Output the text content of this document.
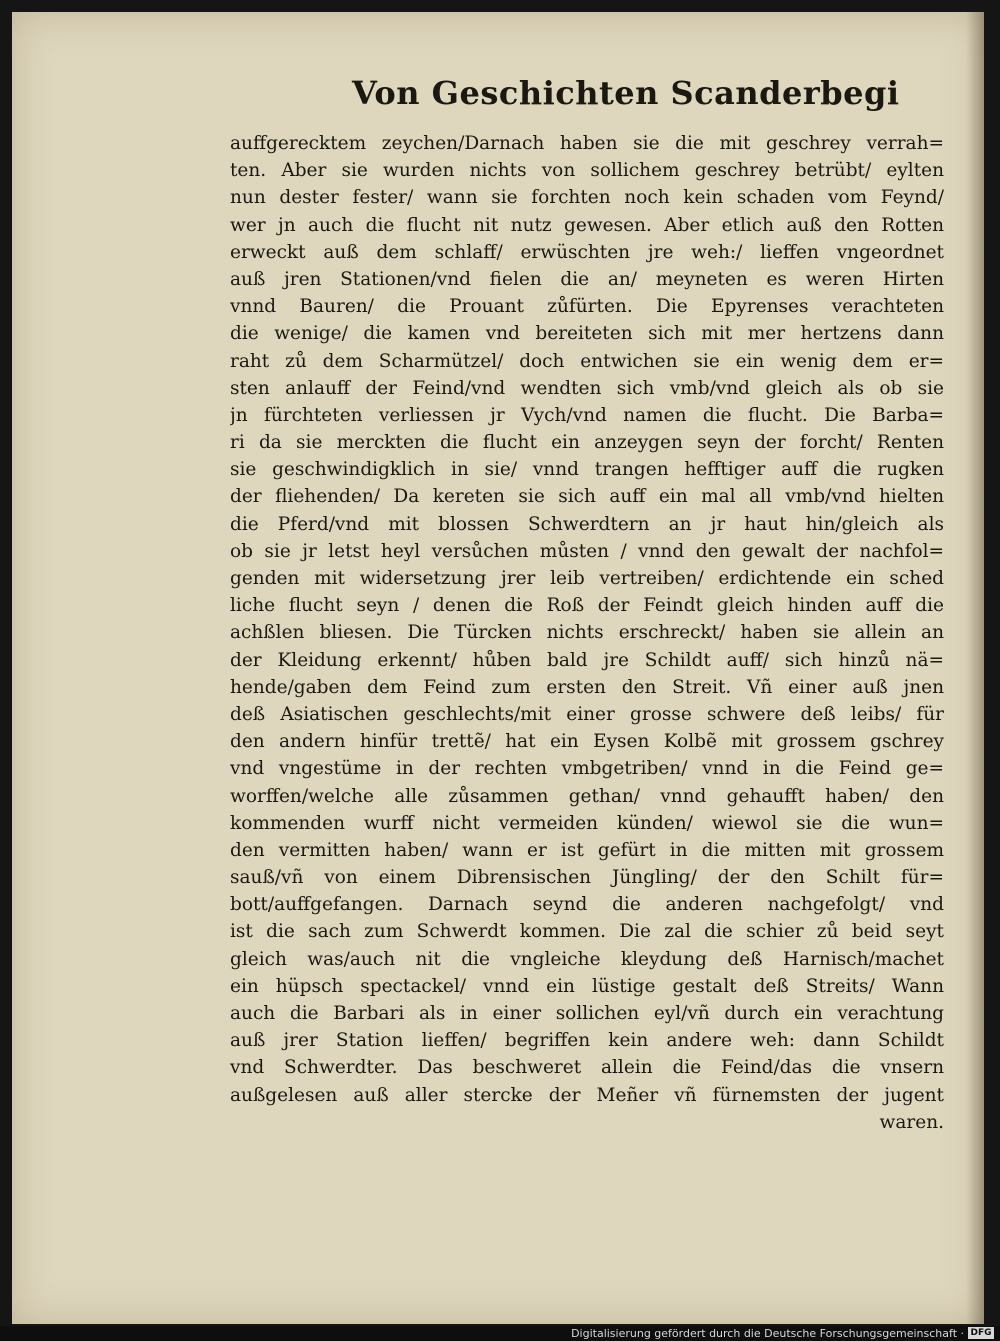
Von Geschichten Scanderbegi
auffgerecktem zeychen/Darnach haben sie die mit geschrey verrah=
ten. Aber sie wurden nichts von sollichem geschrey betrübt/ eylten
nun dester fester/ wann sie forchten noch kein schaden vom Feynd/
wer jn auch die flucht nit nutz gewesen. Aber etlich auß den Rotten
erweckt auß dem schlaff/ erwüschten jre weh:/ lieffen vngeordnet
auß jren Stationen/vnd fielen die an/ meyneten es weren Hirten
vnnd Bauren/ die Prouant zůfürten. Die Epyrenses verachteten
die wenige/ die kamen vnd bereiteten sich mit mer hertzens dann
raht zů dem Scharmützel/ doch entwichen sie ein wenig dem er=
sten anlauff der Feind/vnd wendten sich vmb/vnd gleich als ob sie
jn fürchteten verliessen jr Vych/vnd namen die flucht. Die Barba=
ri da sie merckten die flucht ein anzeygen seyn der forcht/ Renten
sie geschwindigklich in sie/ vnnd trangen hefftiger auff die rugken
der fliehenden/ Da kereten sie sich auff ein mal all vmb/vnd hielten
die Pferd/vnd mit blossen Schwerdtern an jr haut hin/gleich als
ob sie jr letst heyl versůchen můsten / vnnd den gewalt der nachfol=
genden mit widersetzung jrer leib vertreiben/ erdichtende ein sched
liche flucht seyn / denen die Roß der Feindt gleich hinden auff die
achßlen bliesen. Die Türcken nichts erschreckt/ haben sie allein an
der Kleidung erkennt/ hůben bald jre Schildt auff/ sich hinzů nä=
hende/gaben dem Feind zum ersten den Streit. Vñ einer auß jnen
deß Asiatischen geschlechts/mit einer grosse schwere deß leibs/ für
den andern hinfür trettẽ/ hat ein Eysen Kolbẽ mit grossem gschrey
vnd vngestüme in der rechten vmbgetriben/ vnnd in die Feind ge=
worffen/welche alle zůsammen gethan/ vnnd gehaufft haben/ den
kommenden wurff nicht vermeiden künden/ wiewol sie die wun=
den vermitten haben/ wann er ist gefürt in die mitten mit grossem
sauß/vñ von einem Dibrensischen Jüngling/ der den Schilt für=
bott/auffgefangen. Darnach seynd die anderen nachgefolgt/ vnd
ist die sach zum Schwerdt kommen. Die zal die schier zů beid seyt
gleich was/auch nit die vngleiche kleydung deß Harnisch/machet
ein hüpsch spectackel/ vnnd ein lüstige gestalt deß Streits/ Wann
auch die Barbari als in einer sollichen eyl/vñ durch ein verachtung
auß jrer Station lieffen/ begriffen kein andere weh: dann Schildt
vnd Schwerdter. Das beschweret allein die Feind/das die vnsern
außgelesen auß aller stercke der Meñer vñ fürnemsten der jugent
waren.
Digitalisierung gefördert durch die Deutsche Forschungsgemeinschaft · DFG
